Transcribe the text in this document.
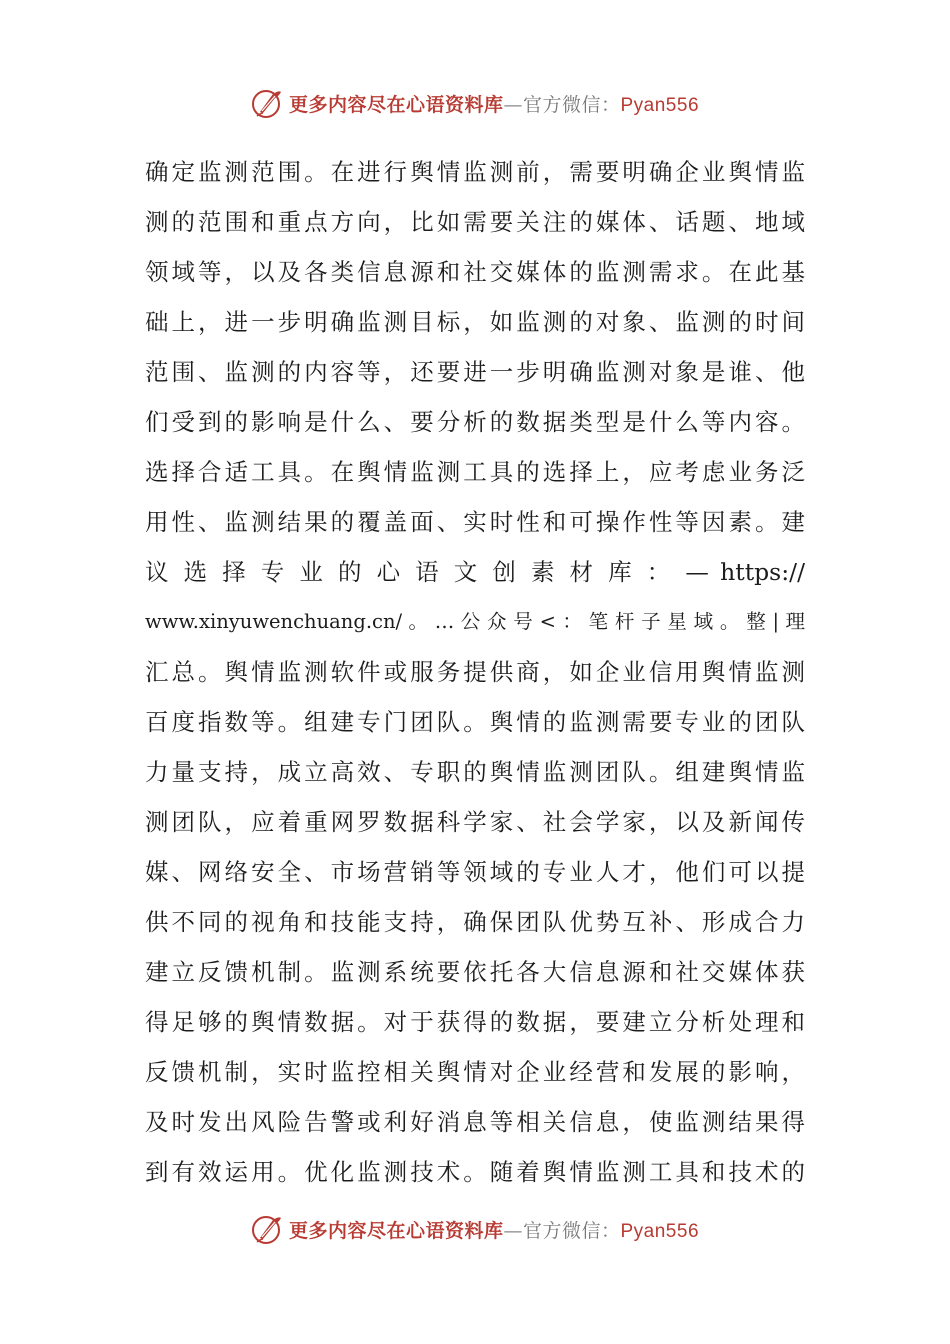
更多内容尽在心语资料库—官方微信：Pyan556
确​定​监​测​范​围​。​在​进​行​舆​情​监​测​前​，​需​要​明​确​企​业​舆​情​监
测​的​范​围​和​重​点​方​向​，​比​如​需​要​关​注​的​媒​体​、​话​题​、​地​域
领​域​等​，​以​及​各​类​信​息​源​和​社​交​媒​体​的​监​测​需​求​。​在​此​基
础​上​，​进​一​步​明​确​监​测​目​标​，​如​监​测​的​对​象​、​监​测​的​时​间
范​围​、​监​测​的​内​容​等​，​还​要​进​一​步​明​确​监​测​对​象​是​谁​、​他
们​受​到​的​影​响​是​什​么​、​要​分​析​的​数​据​类​型​是​什​么​等​内​容​。
选​择​合​适​工​具​。​在​舆​情​监​测​工​具​的​选​择​上​，​应​考​虑​业​务​泛
用​性​、​监​测​结​果​的​覆​盖​面​、​实​时​性​和​可​操​作​性​等​因​素​。​建
议 选 择 专 业 的 心 语 文 创 素 材 库 ： — https://
www.xinyuwenchuang.cn/ 。 … 公 众 号 < ： 笔 杆 子 星 域 。 整 | 理
汇​总​。​舆​情​监​测​软​件​或​服​务​提​供​商​，​如​企​业​信​用​舆​情​监​测
百​度​指​数​等​。​组​建​专​门​团​队​。​舆​情​的​监​测​需​要​专​业​的​团​队
力​量​支​持​，​成​立​高​效​、​专​职​的​舆​情​监​测​团​队​。​组​建​舆​情​监
测​团​队​，​应​着​重​网​罗​数​据​科​学​家​、​社​会​学​家​，​以​及​新​闻​传
媒​、​网​络​安​全​、​市​场​营​销​等​领​域​的​专​业​人​才​，​他​们​可​以​提
供​不​同​的​视​角​和​技​能​支​持​，​确​保​团​队​优​势​互​补​、​形​成​合​力
建​立​反​馈​机​制​。​监​测​系​统​要​依​托​各​大​信​息​源​和​社​交​媒​体​获
得​足​够​的​舆​情​数​据​。​对​于​获​得​的​数​据​，​要​建​立​分​析​处​理​和
反​馈​机​制​，​实​时​监​控​相​关​舆​情​对​企​业​经​营​和​发​展​的​影​响​，
及​时​发​出​风​险​告​警​或​利​好​消​息​等​相​关​信​息​，​使​监​测​结​果​得
到​有​效​运​用​。​优​化​监​测​技​术​。​随​着​舆​情​监​测​工​具​和​技​术​的
更多内容尽在心语资料库—官方微信：Pyan556
